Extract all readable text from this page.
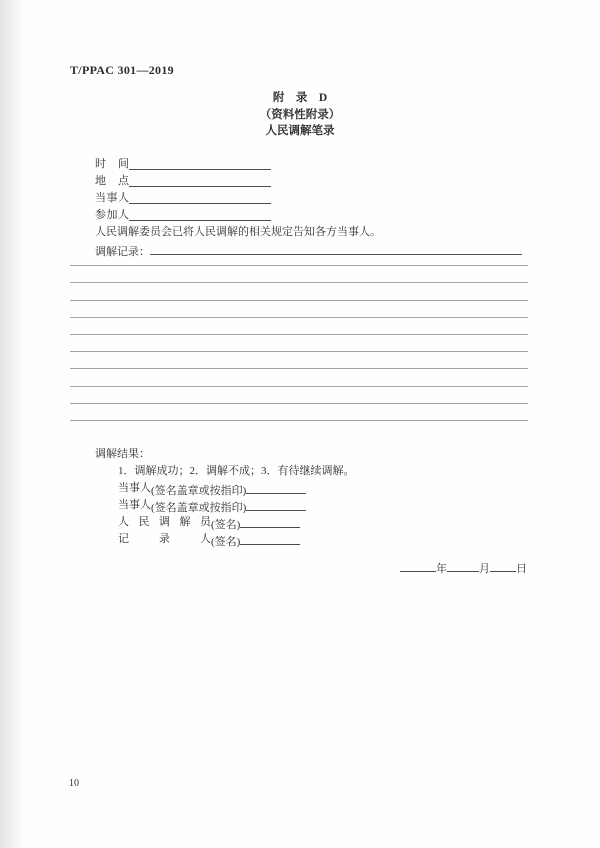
T/PPAC 301—2019
附　录　D
（资料性附录）
人民调解笔录
时间
地点
当事人
参加人
人民调解委员会已将人民调解的相关规定告知各方当事人。
调解记录：
调解结果：
1．调解成功；2．调解不成；3．有待继续调解。
当事人(签名盖章或按指印)
当事人(签名盖章或按指印)
人民调解员(签名)
记录人(签名)
年	月 日
10
